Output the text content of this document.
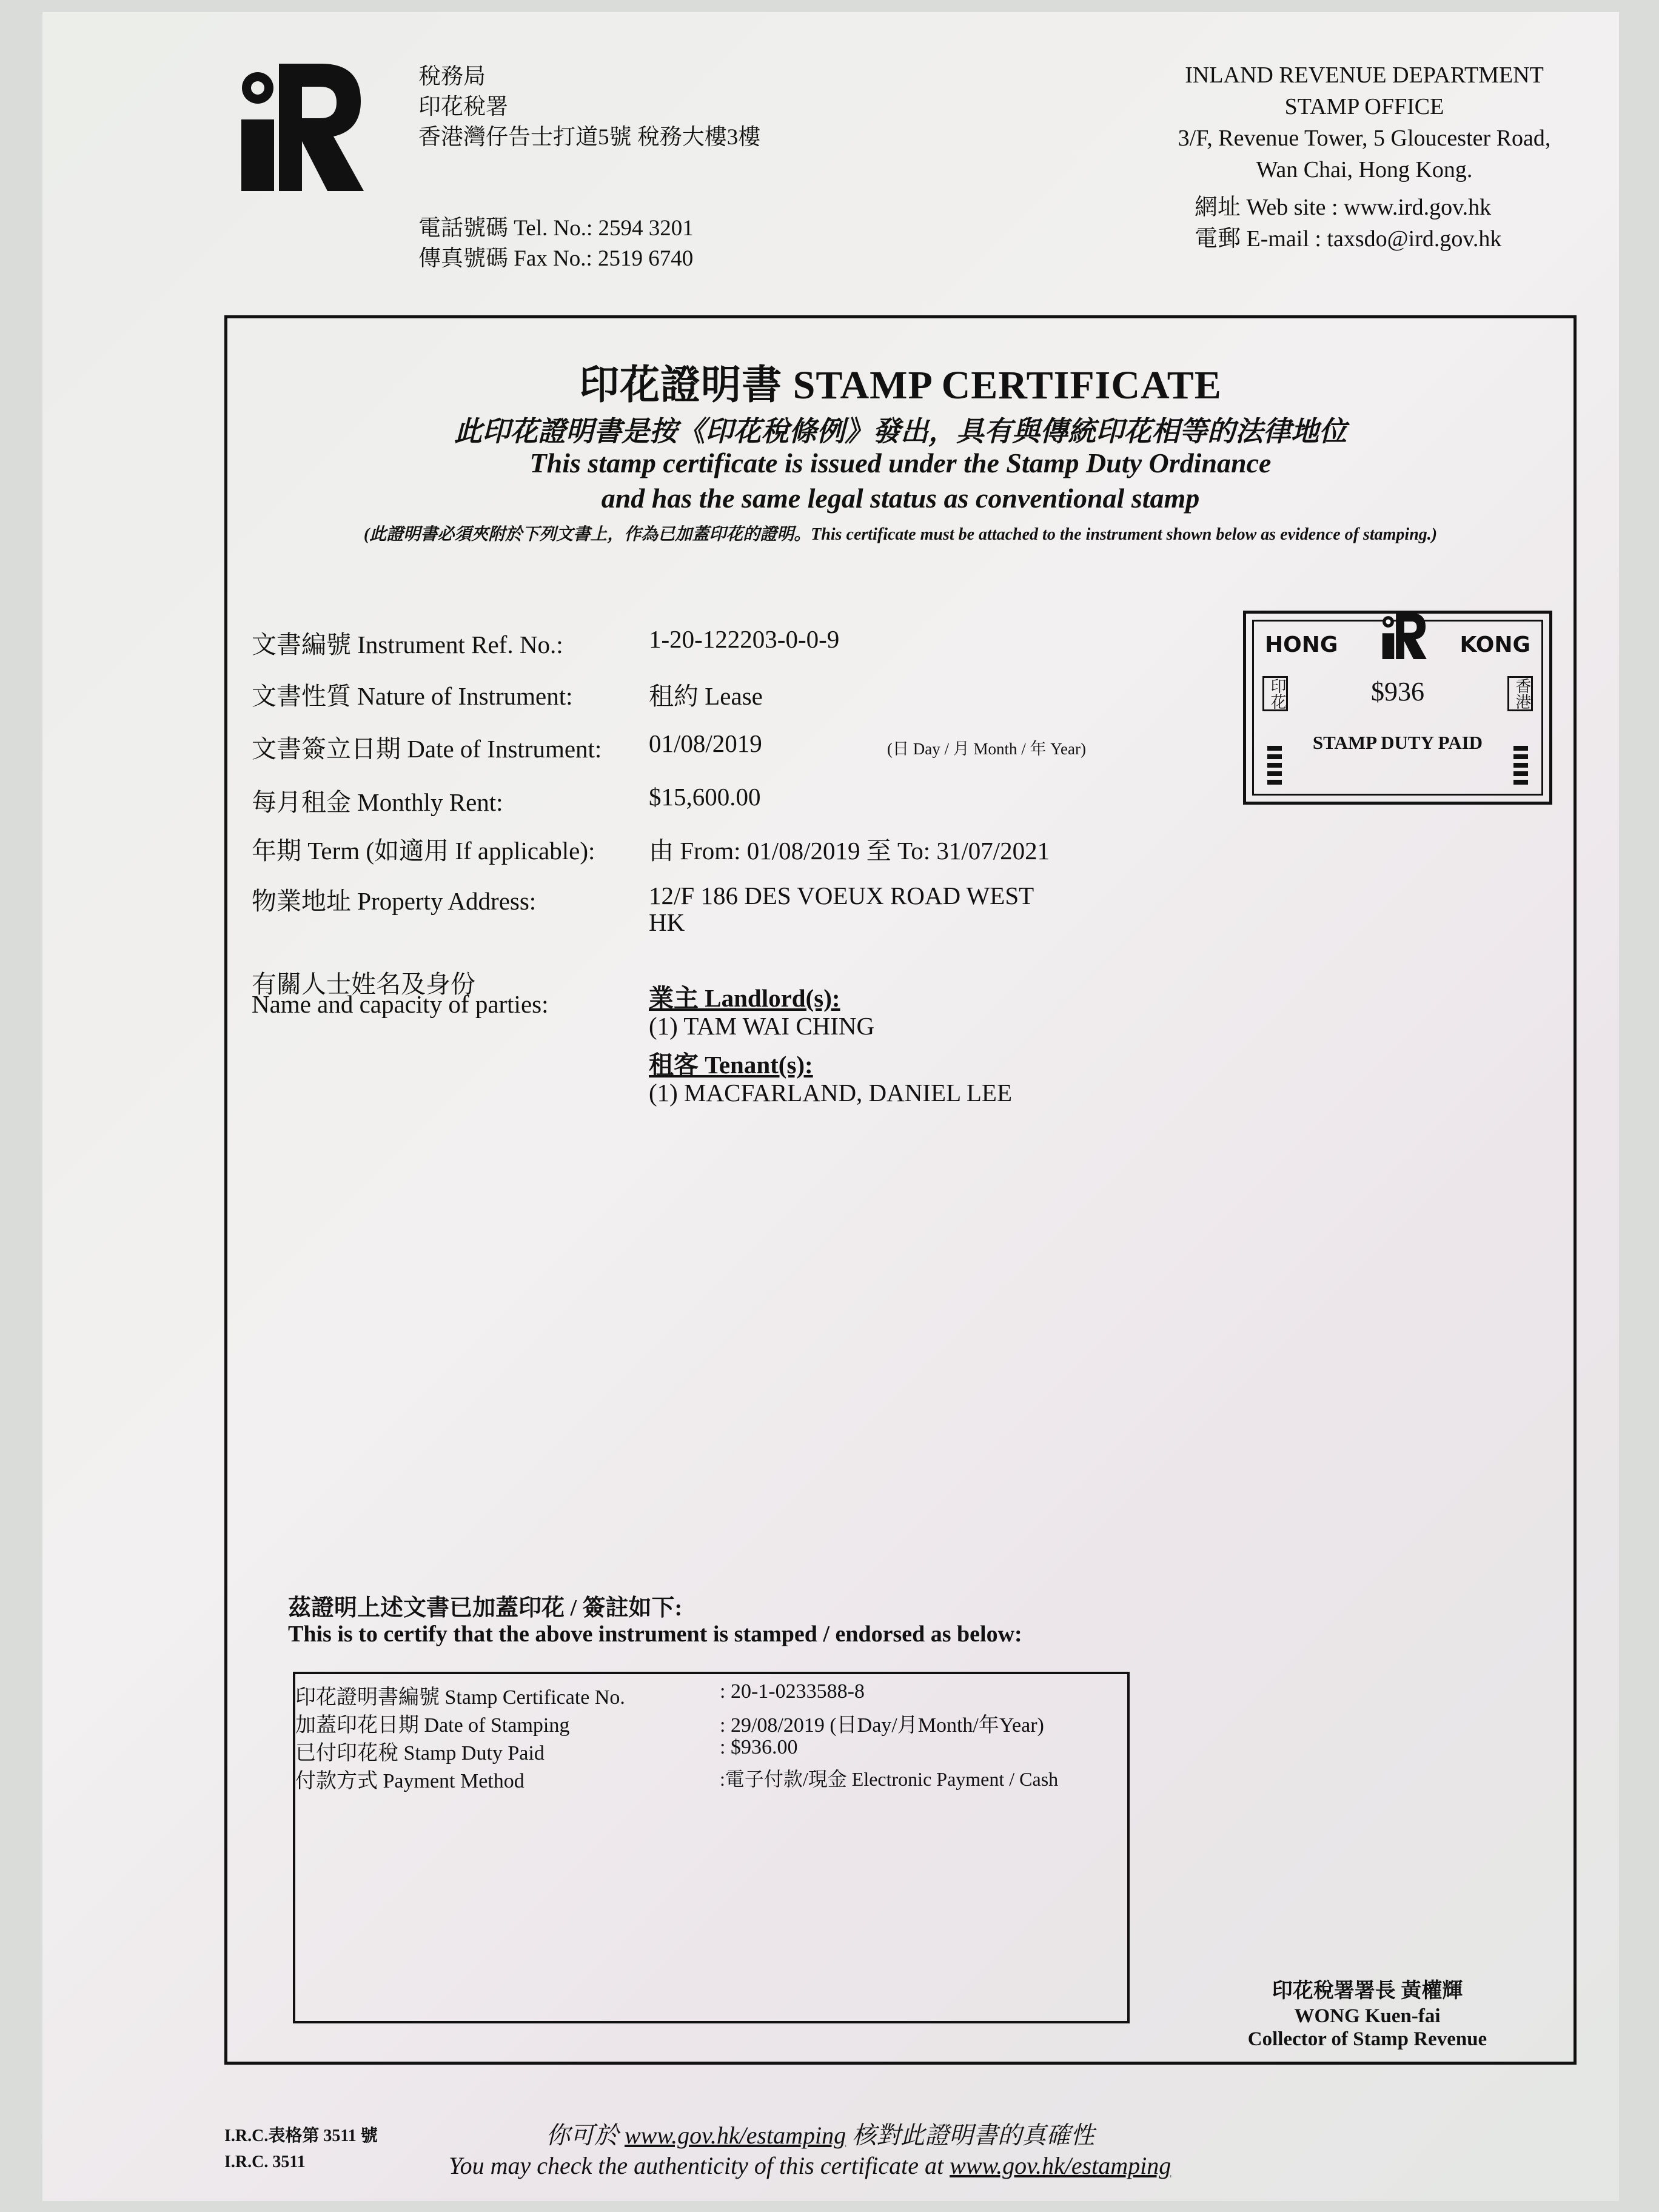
稅務局
印花稅署
香港灣仔告士打道5號 稅務大樓3樓
電話號碼 Tel. No.: 2594 3201
傳真號碼 Fax No.: 2519 6740
INLAND REVENUE DEPARTMENT
STAMP OFFICE
3/F, Revenue Tower, 5 Gloucester Road,
Wan Chai, Hong Kong.
網址 Web site : www.ird.gov.hk
電郵 E-mail : taxsdo@ird.gov.hk
印花證明書 STAMP CERTIFICATE
此印花證明書是按《印花稅條例》發出，具有與傳統印花相等的法律地位
This stamp certificate is issued under the Stamp Duty Ordinance
and has the same legal status as conventional stamp
(此證明書必須夾附於下列文書上，作為已加蓋印花的證明。This certificate must be attached to the instrument shown below as evidence of stamping.)
文書編號 Instrument Ref. No.:	1-20-122203-0-0-9
文書性質 Nature of Instrument:	租約 Lease
文書簽立日期 Date of Instrument: 01/08/2019	(日 Day / 月 Month / 年 Year)
每月租金 Monthly Rent:	$15,600.00
年期 Term (如適用 If applicable): 由 From: 01/08/2019 至 To: 31/07/2021
物業地址 Property Address:	12/F 186 DES VOEUX ROAD WEST
HK
有關人士姓名及身份
Name and capacity of parties:	業主 Landlord(s):
(1) TAM WAI CHING
租客 Tenant(s):
(1) MACFARLAND, DANIEL LEE
HONG	KONG
$936
STAMP DUTY PAID
印花	香港
茲證明上述文書已加蓋印花 / 簽註如下:
This is to certify that the above instrument is stamped / endorsed as below:
印花證明書編號 Stamp Certificate No.	: 20-1-0233588-8
加蓋印花日期 Date of Stamping	: 29/08/2019 (日Day/月Month/年Year)
已付印花稅 Stamp Duty Paid	: $936.00
付款方式 Payment Method	:電子付款/現金 Electronic Payment / Cash
印花稅署署長 黃權輝
WONG Kuen-fai
Collector of Stamp Revenue
I.R.C.表格第 3511 號
I.R.C. 3511
你可於 www.gov.hk/estamping 核對此證明書的真確性
You may check the authenticity of this certificate at www.gov.hk/estamping
